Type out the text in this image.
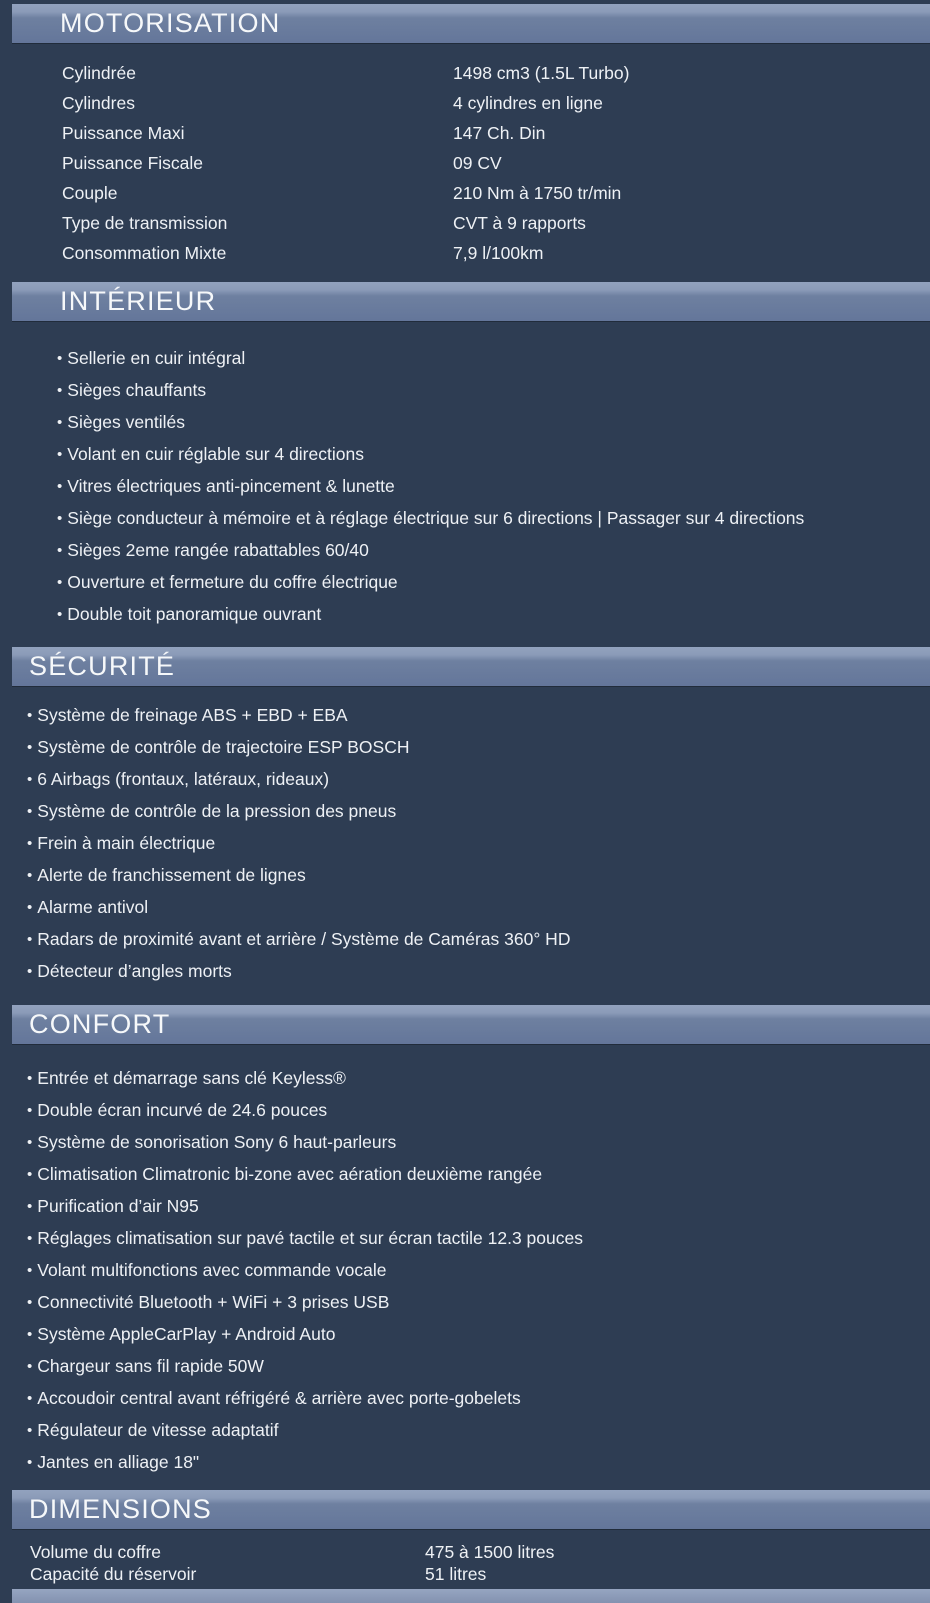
MOTORISATION
Cylindrée	1498 cm3 (1.5L Turbo)
Cylindres	4 cylindres en ligne
Puissance Maxi	147 Ch. Din
Puissance Fiscale	09 CV
Couple	210 Nm à 1750 tr/min
Type de transmission	CVT à 9 rapports
Consommation Mixte	7,9 l/100km
INTÉRIEUR
• Sellerie en cuir intégral
• Sièges chauffants
• Sièges ventilés
• Volant en cuir réglable sur 4 directions
• Vitres électriques anti-pincement & lunette
• Siège conducteur à mémoire et à réglage électrique sur 6 directions | Passager sur 4 directions
• Sièges 2eme rangée rabattables 60/40
• Ouverture et fermeture du coffre électrique
• Double toit panoramique ouvrant
SÉCURITÉ
• Système de freinage ABS + EBD + EBA
• Système de contrôle de trajectoire ESP BOSCH
• 6 Airbags (frontaux, latéraux, rideaux)
• Système de contrôle de la pression des pneus
• Frein à main électrique
• Alerte de franchissement de lignes
• Alarme antivol
• Radars de proximité avant et arrière / Système de Caméras 360° HD
• Détecteur d’angles morts
CONFORT
• Entrée et démarrage sans clé Keyless®
• Double écran incurvé de 24.6 pouces
• Système de sonorisation Sony 6 haut-parleurs
• Climatisation Climatronic bi-zone avec aération deuxième rangée
• Purification d’air N95
• Réglages climatisation sur pavé tactile et sur écran tactile 12.3 pouces
• Volant multifonctions avec commande vocale
• Connectivité Bluetooth + WiFi + 3 prises USB
• Système AppleCarPlay + Android Auto
• Chargeur sans fil rapide 50W
• Accoudoir central avant réfrigéré & arrière avec porte-gobelets
• Régulateur de vitesse adaptatif
• Jantes en alliage 18"
DIMENSIONS
Volume du coffre	475 à 1500 litres
Capacité du réservoir	51 litres
